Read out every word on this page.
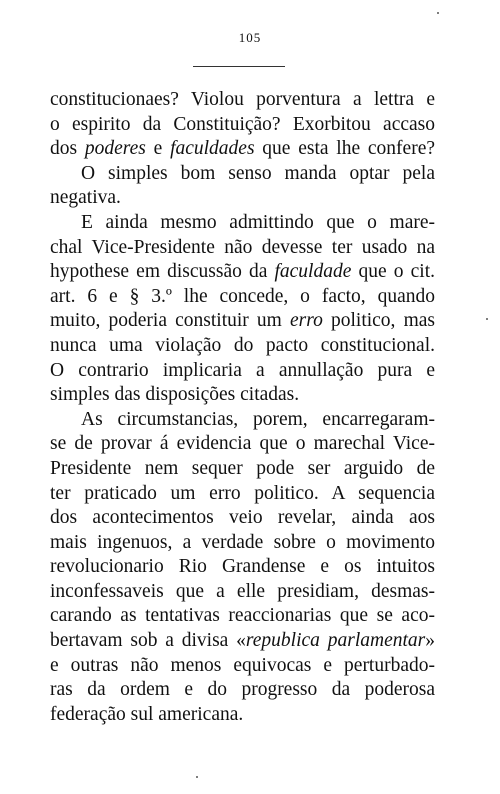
105
constitucionaes? Violou porventura a lettra e
o espirito da Constituição? Exorbitou accaso
dos poderes e faculdades que esta lhe confere?
O simples bom senso manda optar pela
negativa.
E ainda mesmo admittindo que o mare-
chal Vice-Presidente não devesse ter usado na
hypothese em discussão da faculdade que o cit.
art. 6 e § 3.º lhe concede, o facto, quando
muito, poderia constituir um erro politico, mas
nunca uma violação do pacto constitucional.
O contrario implicaria a annullação pura e
simples das disposições citadas.
As circumstancias, porem, encarregaram-
se de provar á evidencia que o marechal Vice-
Presidente nem sequer pode ser arguido de
ter praticado um erro politico. A sequencia
dos acontecimentos veio revelar, ainda aos
mais ingenuos, a verdade sobre o movimento
revolucionario Rio Grandense e os intuitos
inconfessaveis que a elle presidiam, desmas-
carando as tentativas reaccionarias que se aco-
bertavam sob a divisa «republica parlamentar»
e outras não menos equivocas e perturbado-
ras da ordem e do progresso da poderosa
federação sul americana.
